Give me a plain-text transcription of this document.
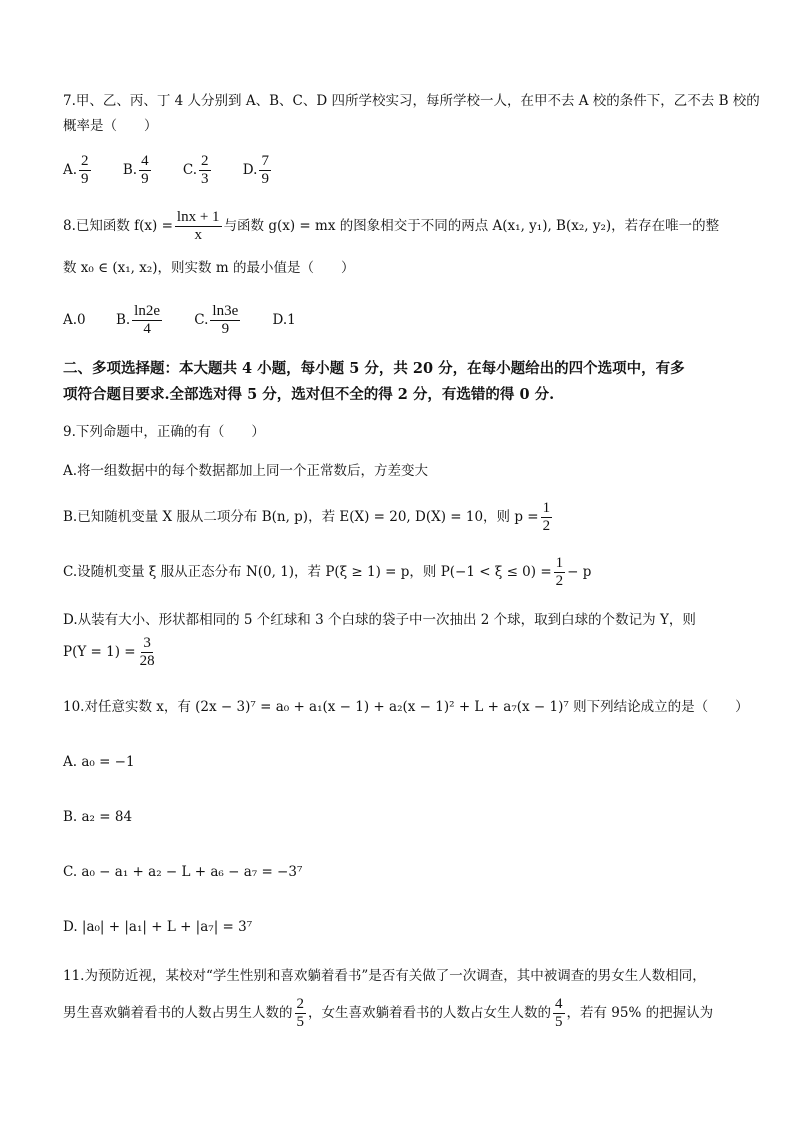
7.甲、乙、丙、丁 4 人分别到 A、B、C、D 四所学校实习，每所学校一人，在甲不去 A 校的条件下，乙不去 B 校的
概率是（　　）
A. $\frac{2}{9} B$. $\frac{4}{9} C$. $\frac{2}{3} D$. $\frac{7}{9}$
8.已知函数 $f(x) = \frac{\ln x + 1}{x}$ 与函数 g(x) = mx 的图象相交于不同的两点 A(x₁, y₁), B(x₂, y₂)，若存在唯一的整
数 x₀ ∈ (x₁, x₂)，则实数 m 的最小值是（　　）
A.0 B. $\frac{\ln 2e}{4} C$. $\frac{\ln 3e}{9} D.1$
二、多项选择题：本大题共 4 小题，每小题 5 分，共 20 分，在每小题给出的四个选项中，有多
项符合题目要求.全部选对得 5 分，选对但不全的得 2 分，有选错的得 0 分.
9.下列命题中，正确的有（　　）
A.将一组数据中的每个数据都加上同一个正常数后，方差变大
B.已知随机变量 X 服从二项分布 B(n, p)，若 E(X) = 20, D(X) = 10，则 $p = \frac{1}{2}$
C.设随机变量 ξ 服从正态分布 N(0, 1)，若 P(ξ ≥ 1) = p，则 $P(-1 < \xi \le 0) = \frac{1}{2} - p$
D.从装有大小、形状都相同的 5 个红球和 3 个白球的袋子中一次抽出 2 个球，取到白球的个数记为 Y，则
$P(Y = 1) = \frac{3}{28}$
10.对任意实数 x，有 (2x − 3)⁷ = a₀ + a₁(x − 1) + a₂(x − 1)² + L + a₇(x − 1)⁷ 则下列结论成立的是（　　）
A. a₀ = −1
B. a₂ = 84
C. a₀ − a₁ + a₂ − L + a₆ − a₇ = −3⁷
D. |a₀| + |a₁| + L + |a₇| = 3⁷
11.为预防近视，某校对“学生性别和喜欢躺着看书”是否有关做了一次调查，其中被调查的男女生人数相同，
男生喜欢躺着看书的人数占男生人数的 $\frac{2}{5}$ ，女生喜欢躺着看书的人数占女生人数的 $\frac{4}{5}$ ，若有 95% 的把握认为
